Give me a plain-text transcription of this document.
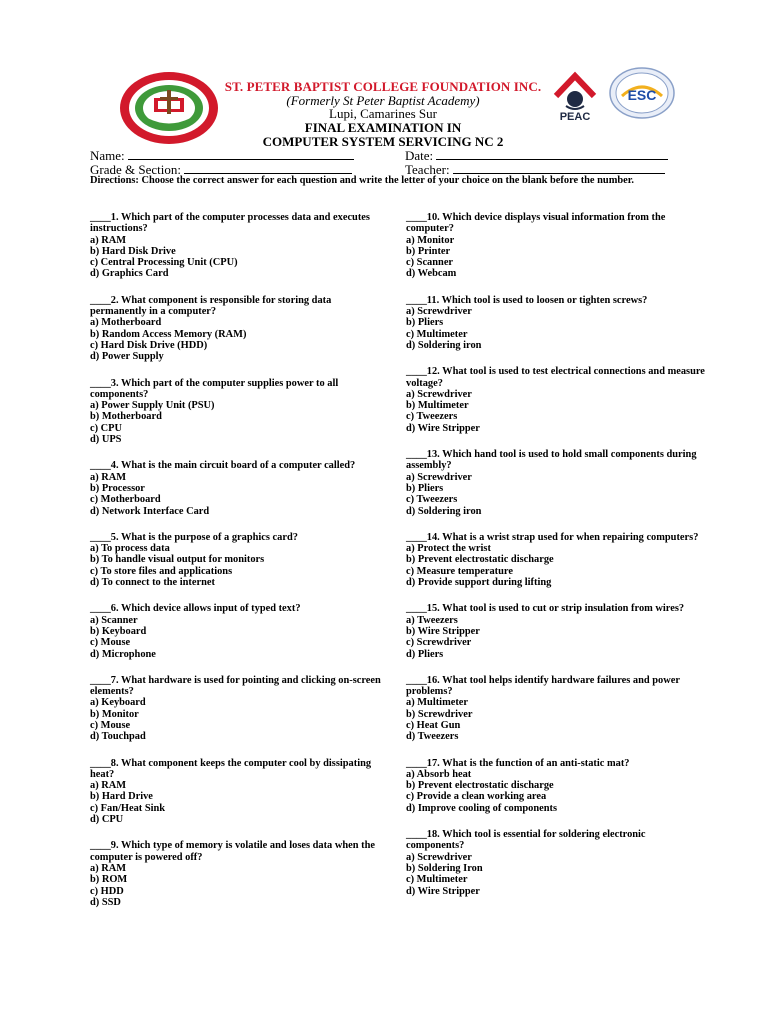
PEAC
ESC
ST. PETER BAPTIST COLLEGE FOUNDATION INC.
(Formerly St Peter Baptist Academy)
Lupi, Camarines Sur
FINAL EXAMINATION IN
COMPUTER SYSTEM SERVICING NC 2
Name:	Date:
Grade & Section:	Teacher:
Directions: Choose the correct answer for each question and write the letter of your choice on the blank before the number.
____1. Which part of the computer processes data and executes instructions?
a) RAM
b) Hard Disk Drive
c) Central Processing Unit (CPU)
d) Graphics Card
____2. What component is responsible for storing data permanently in a computer?
a) Motherboard
b) Random Access Memory (RAM)
c) Hard Disk Drive (HDD)
d) Power Supply
____3. Which part of the computer supplies power to all components?
a) Power Supply Unit (PSU)
b) Motherboard
c) CPU
d) UPS
____4. What is the main circuit board of a computer called?
a) RAM
b) Processor
c) Motherboard
d) Network Interface Card
____5. What is the purpose of a graphics card?
a) To process data
b) To handle visual output for monitors
c) To store files and applications
d) To connect to the internet
____6. Which device allows input of typed text?
a) Scanner
b) Keyboard
c) Mouse
d) Microphone
____7. What hardware is used for pointing and clicking on-screen elements?
a) Keyboard
b) Monitor
c) Mouse
d) Touchpad
____8. What component keeps the computer cool by dissipating heat?
a) RAM
b) Hard Drive
c) Fan/Heat Sink
d) CPU
____9. Which type of memory is volatile and loses data when the computer is powered off?
a) RAM
b) ROM
c) HDD
d) SSD
____10. Which device displays visual information from the computer?
a) Monitor
b) Printer
c) Scanner
d) Webcam
____11. Which tool is used to loosen or tighten screws?
a) Screwdriver
b) Pliers
c) Multimeter
d) Soldering iron
____12. What tool is used to test electrical connections and measure voltage?
a) Screwdriver
b) Multimeter
c) Tweezers
d) Wire Stripper
____13. Which hand tool is used to hold small components during assembly?
a) Screwdriver
b) Pliers
c) Tweezers
d) Soldering iron
____14. What is a wrist strap used for when repairing computers?
a) Protect the wrist
b) Prevent electrostatic discharge
c) Measure temperature
d) Provide support during lifting
____15. What tool is used to cut or strip insulation from wires?
a) Tweezers
b) Wire Stripper
c) Screwdriver
d) Pliers
____16. What tool helps identify hardware failures and power problems?
a) Multimeter
b) Screwdriver
c) Heat Gun
d) Tweezers
____17. What is the function of an anti-static mat?
a) Absorb heat
b) Prevent electrostatic discharge
c) Provide a clean working area
d) Improve cooling of components
____18. Which tool is essential for soldering electronic components?
a) Screwdriver
b) Soldering Iron
c) Multimeter
d) Wire Stripper
